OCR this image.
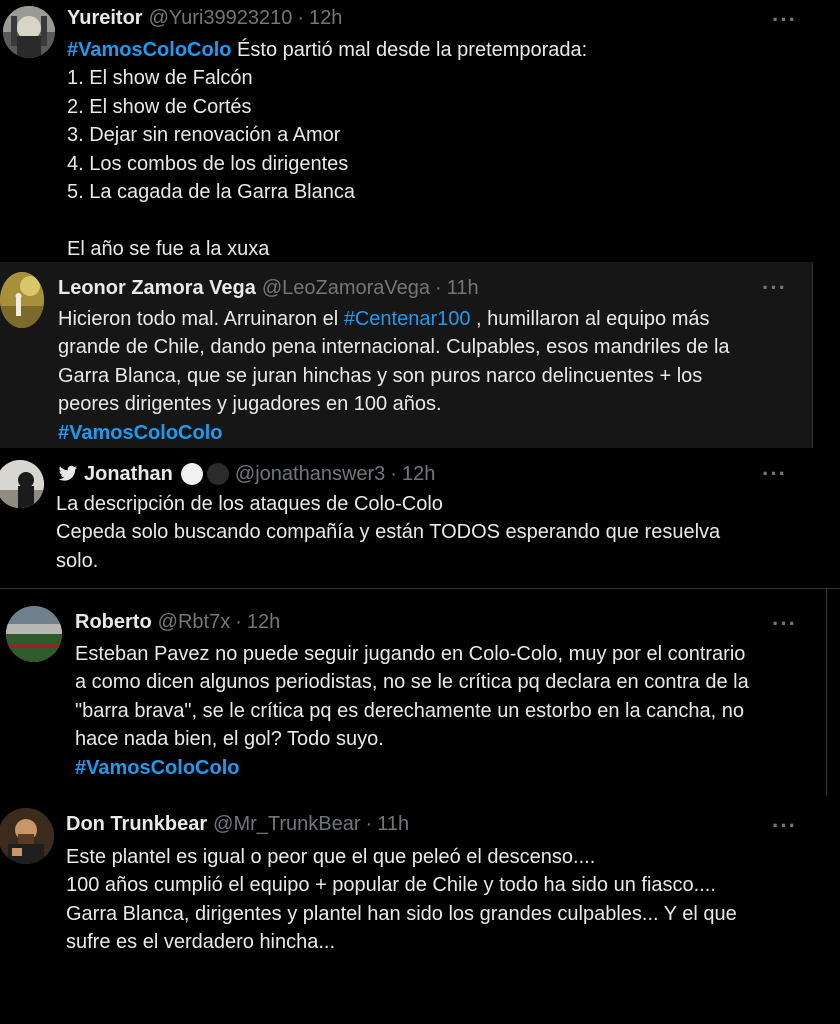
Yureitor @Yuri39923210 · 12h	···
#VamosColoColo Ésto partió mal desde la pretemporada:
1. El show de Falcón
2. El show de Cortés
3. Dejar sin renovación a Amor
4. Los combos de los dirigentes
5. La cagada de la Garra Blanca
El año se fue a la xuxa
Leonor Zamora Vega @LeoZamoraVega · 11h	···
Hicieron todo mal. Arruinaron el #Centenar100 , humillaron al equipo más
grande de Chile, dando pena internacional. Culpables, esos mandriles de la
Garra Blanca, que se juran hinchas y son puros narco delincuentes + los
peores dirigentes y jugadores en 100 años.
#VamosColoColo
Jonathan	@jonathanswer3 · 12h	···
La descripción de los ataques de Colo-Colo
Cepeda solo buscando compañía y están TODOS esperando que resuelva
solo.
Roberto @Rbt7x · 12h	···
Esteban Pavez no puede seguir jugando en Colo-Colo, muy por el contrario
a como dicen algunos periodistas, no se le crítica pq declara en contra de la
"barra brava", se le crítica pq es derechamente un estorbo en la cancha, no
hace nada bien, el gol? Todo suyo.
#VamosColoColo
Don Trunkbear @Mr_TrunkBear · 11h	···
Este plantel es igual o peor que el que peleó el descenso....
100 años cumplió el equipo + popular de Chile y todo ha sido un fiasco....
Garra Blanca, dirigentes y plantel han sido los grandes culpables... Y el que
sufre es el verdadero hincha...
